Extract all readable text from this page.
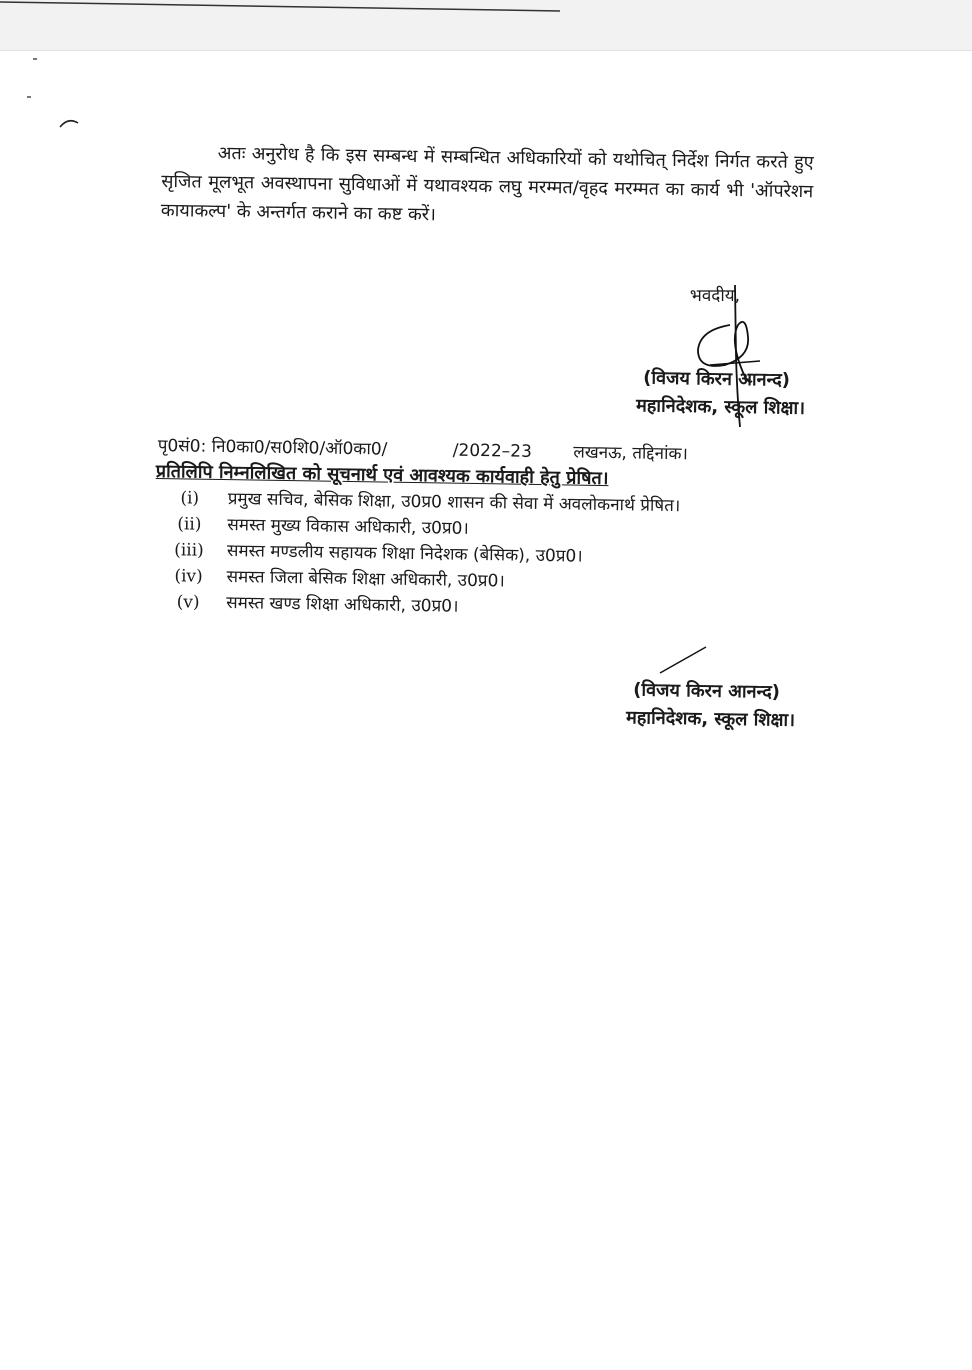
अतः अनुरोध है कि इस सम्बन्ध में सम्बन्धित अधिकारियों को यथोचित् निर्देश निर्गत करते हुए सृजित मूलभूत अवस्थापना सुविधाओं में यथावश्यक लघु मरम्मत/वृहद मरम्मत का कार्य भी 'ऑपरेशन कायाकल्प' के अन्तर्गत कराने का कष्ट करें।
भवदीय,
(विजय किरन आनन्द)
महानिदेशक, स्कूल शिक्षा।
पृ0सं0: नि0का0/स0शि0/ऑ0का0/	/2022–23 लखनऊ, तद्दिनांक।
प्रतिलिपि निम्नलिखित को सूचनार्थ एवं आवश्यक कार्यवाही हेतु प्रेषित।
(i)	प्रमुख सचिव, बेसिक शिक्षा, उ0प्र0 शासन की सेवा में अवलोकनार्थ प्रेषित।
(ii)	समस्त मुख्य विकास अधिकारी, उ0प्र0।
(iii)	समस्त मण्डलीय सहायक शिक्षा निदेशक (बेसिक), उ0प्र0।
(iv)	समस्त जिला बेसिक शिक्षा अधिकारी, उ0प्र0।
(v)	समस्त खण्ड शिक्षा अधिकारी, उ0प्र0।
(विजय किरन आनन्द)
महानिदेशक, स्कूल शिक्षा।
